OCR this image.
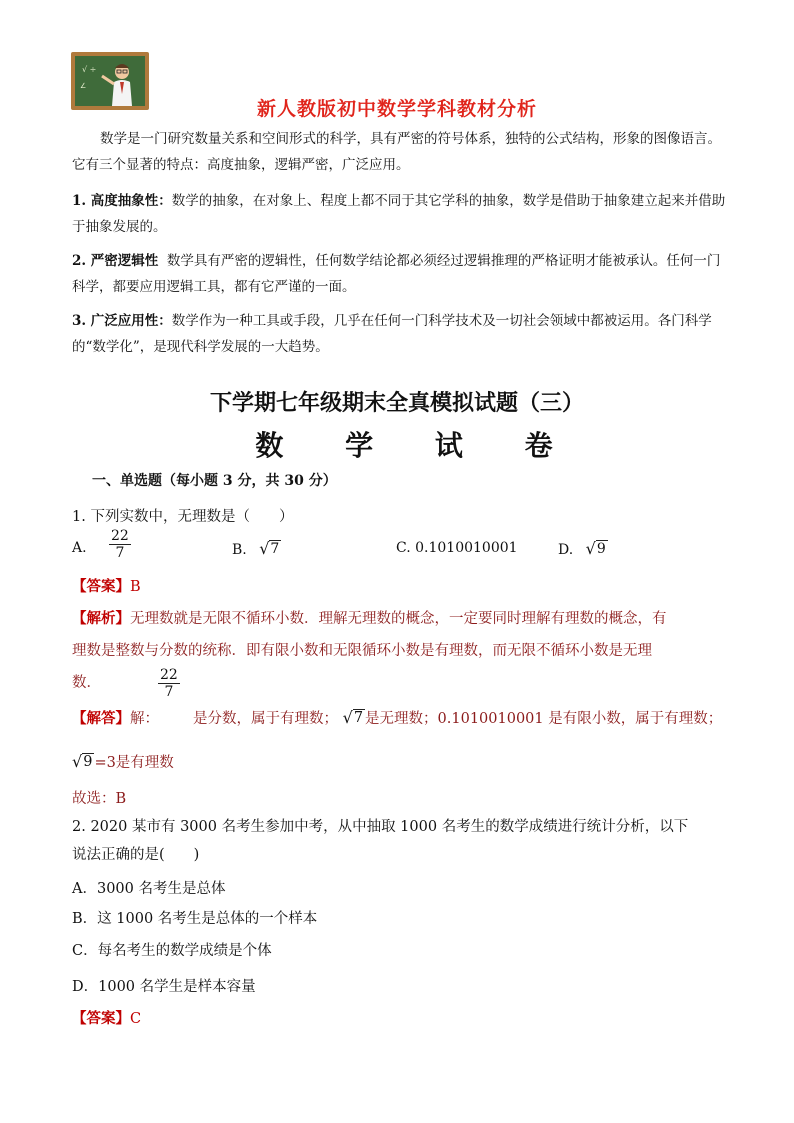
√ ÷
∠
新人教版初中数学学科教材分析
数学是一门研究数量关系和空间形式的科学，具有严密的符号体系，独特的公式结构，形象的图像语言。它有三个显著的特点：高度抽象，逻辑严密，广泛应用。
1. 高度抽象性：数学的抽象，在对象上、程度上都不同于其它学科的抽象，数学是借助于抽象建立起来并借助于抽象发展的。
2. 严密逻辑性 数学具有严密的逻辑性，任何数学结论都必须经过逻辑推理的严格证明才能被承认。任何一门科学，都要应用逻辑工具，都有它严谨的一面。
3. 广泛应用性：数学作为一种工具或手段，几乎在任何一门科学技术及一切社会领域中都被运用。各门科学的“数学化”，是现代科学发展的一大趋势。
下学期七年级期末全真模拟试题（三）
数 学 试 卷
一、单选题（每小题 3 分，共 30 分）
1. 下列实数中，无理数是（　　）
A. $\frac{22}{7}$	B. √ 7	C. 0.1010010001	D. √ 9
【答案】B
【解析】无理数就是无限不循环小数．理解无理数的概念，一定要同时理解有理数的概念，有
理数是整数与分数的统称．即有限小数和无限循环小数是有理数，而无限不循环小数是无理
数．	$\frac{22}{7}$
【解答】解： 是分数，属于有理数； √ 7 是无理数；0.1010010001 是有限小数，属于有理数；
√ 9 =3是有理数
故选：B
2. 2020 某市有 3000 名考生参加中考，从中抽取 1000 名考生的数学成绩进行统计分析，以下
说法正确的是(　　)
A．3000 名考生是总体
B．这 1000 名考生是总体的一个样本
C．每名考生的数学成绩是个体
D．1000 名学生是样本容量
【答案】C
